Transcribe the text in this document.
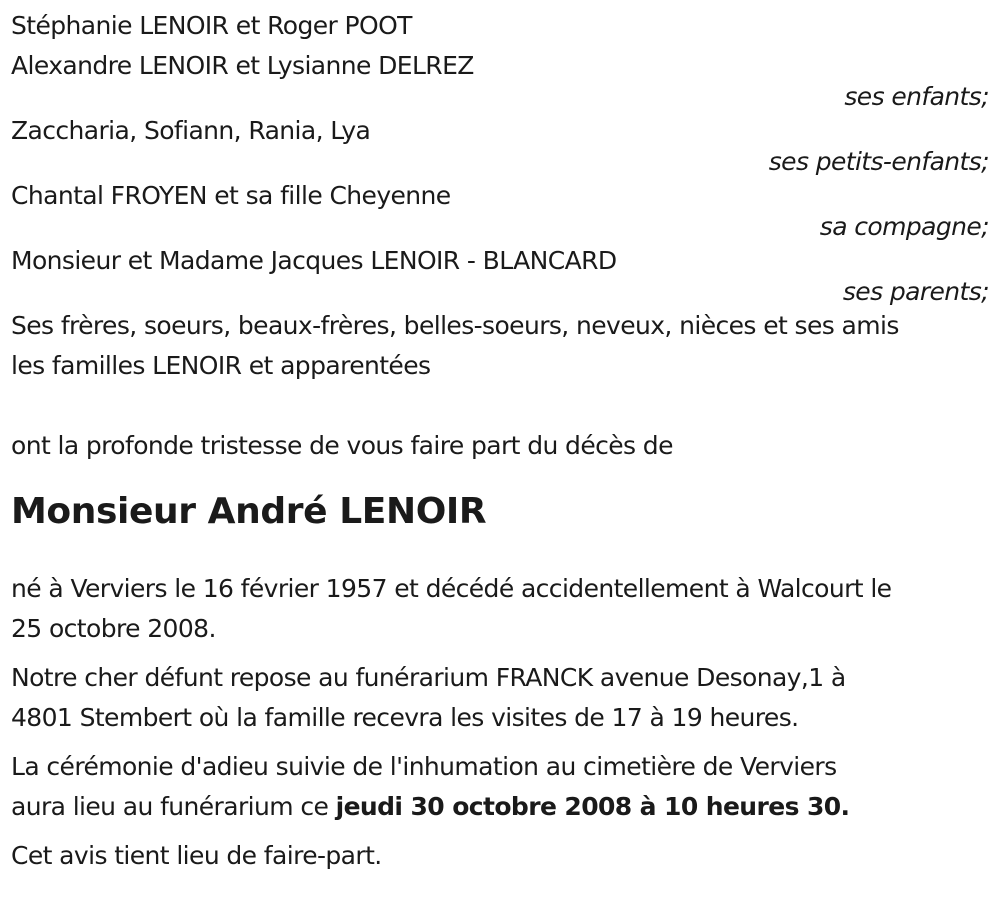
Stéphanie LENOIR et Roger POOT
Alexandre LENOIR et Lysianne DELREZ
ses enfants;
Zaccharia, Sofiann, Rania, Lya
ses petits-enfants;
Chantal FROYEN et sa fille Cheyenne
sa compagne;
Monsieur et Madame Jacques LENOIR - BLANCARD
ses parents;
Ses frères, soeurs, beaux-frères, belles-soeurs, neveux, nièces et ses amis
les familles LENOIR et apparentées
ont la profonde tristesse de vous faire part du décès de
Monsieur André LENOIR
né à Verviers le 16 février 1957 et décédé accidentellement à Walcourt le
25 octobre 2008.
Notre cher défunt repose au funérarium FRANCK avenue Desonay,1 à
4801 Stembert où la famille recevra les visites de 17 à 19 heures.
La cérémonie d'adieu suivie de l'inhumation au cimetière de Verviers
aura lieu au funérarium ce jeudi 30 octobre 2008 à 10 heures 30.
Cet avis tient lieu de faire-part.
